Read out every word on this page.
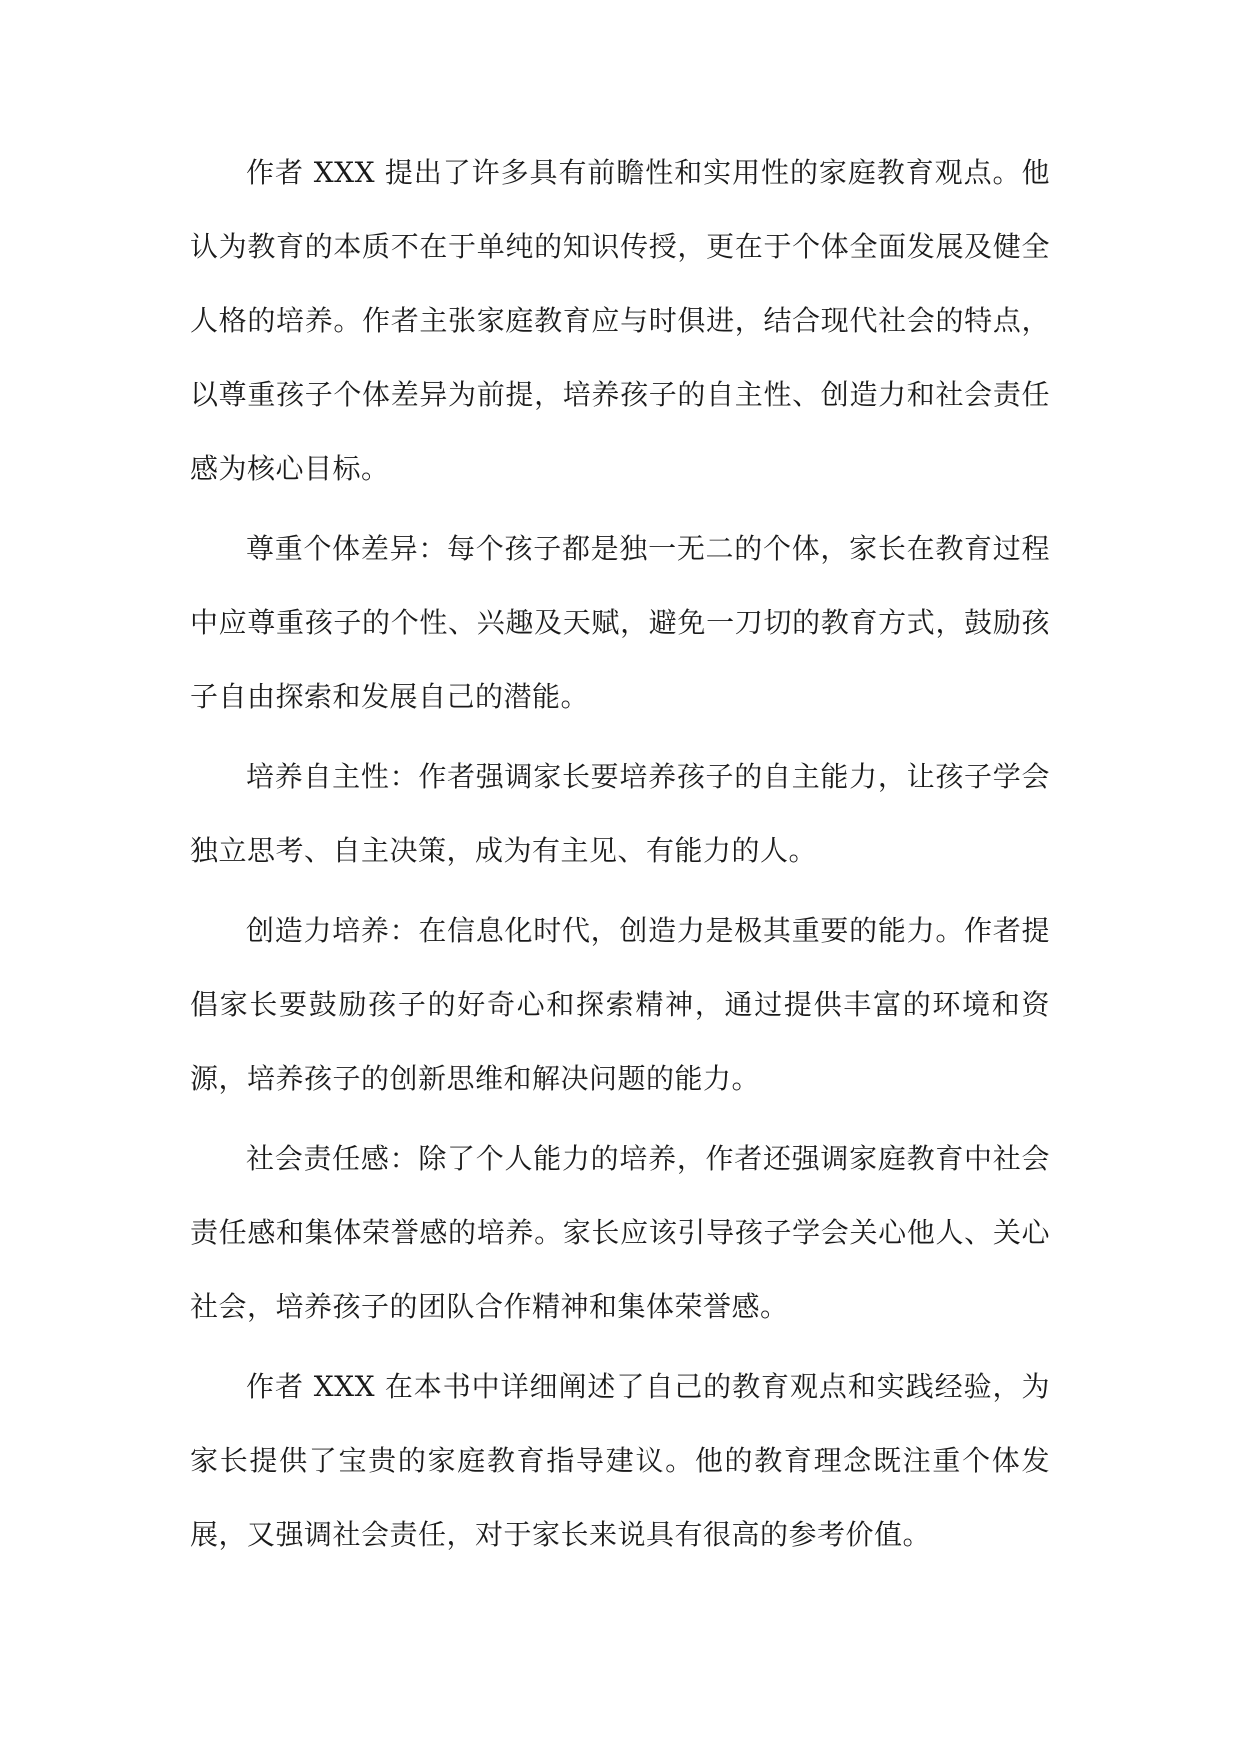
作者 XXX 提出了许多具有前瞻性和实用性的家庭教育观点。他认为教育的本质不在于单纯的知识传授，更在于个体全面发展及健全人格的培养。作者主张家庭教育应与时俱进，结合现代社会的特点，以尊重孩子个体差异为前提，培养孩子的自主性、创造力和社会责任感为核心目标。

尊重个体差异：每个孩子都是独一无二的个体，家长在教育过程中应尊重孩子的个性、兴趣及天赋，避免一刀切的教育方式，鼓励孩子自由探索和发展自己的潜能。

培养自主性：作者强调家长要培养孩子的自主能力，让孩子学会独立思考、自主决策，成为有主见、有能力的人。

创造力培养：在信息化时代，创造力是极其重要的能力。作者提倡家长要鼓励孩子的好奇心和探索精神，通过提供丰富的环境和资源，培养孩子的创新思维和解决问题的能力。

社会责任感：除了个人能力的培养，作者还强调家庭教育中社会责任感和集体荣誉感的培养。家长应该引导孩子学会关心他人、关心社会，培养孩子的团队合作精神和集体荣誉感。

作者 XXX 在本书中详细阐述了自己的教育观点和实践经验，为家长提供了宝贵的家庭教育指导建议。他的教育理念既注重个体发展，又强调社会责任，对于家长来说具有很高的参考价值。
